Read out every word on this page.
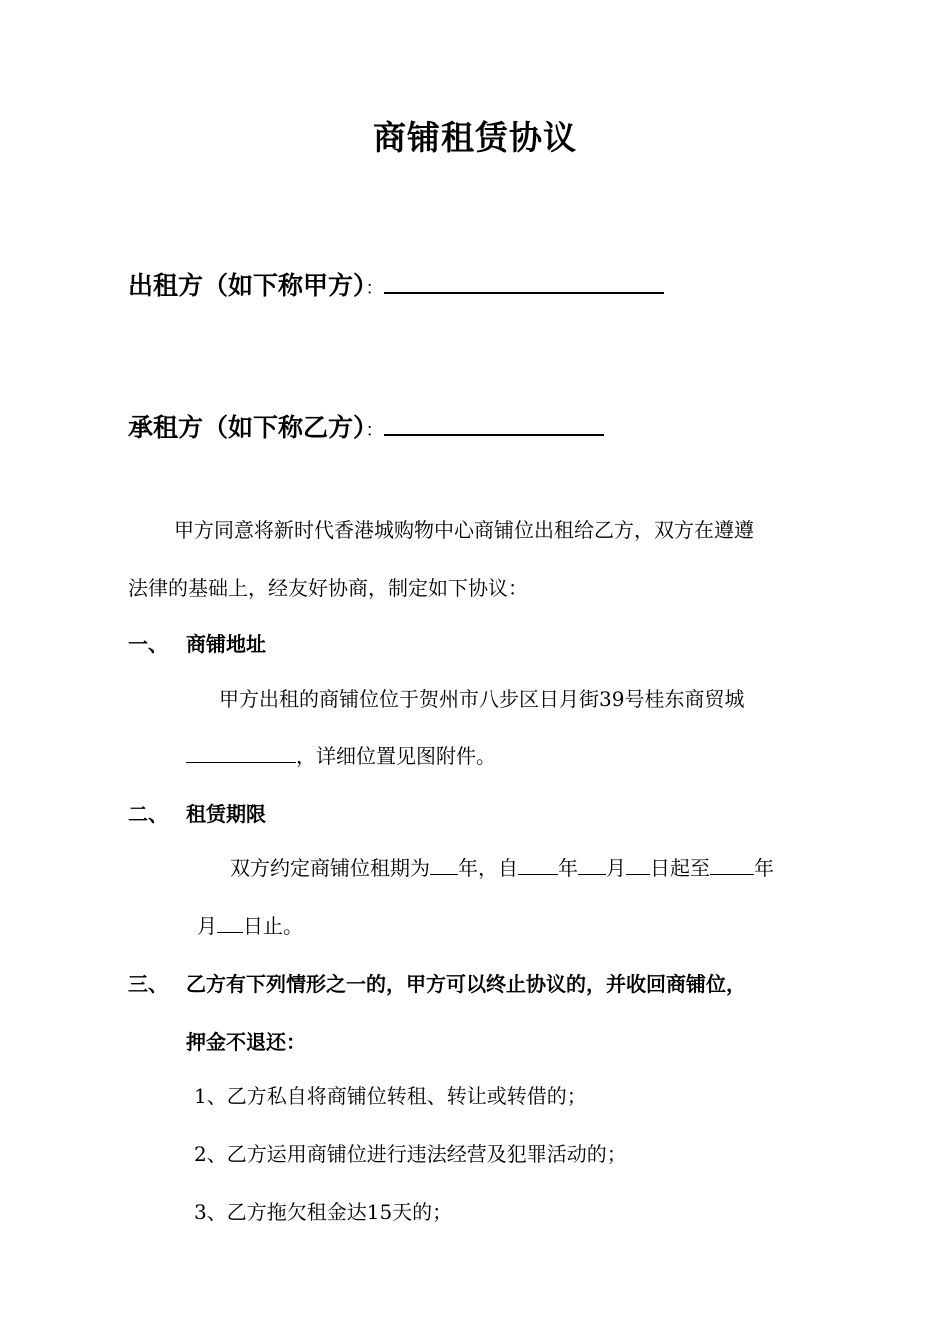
商铺租赁协议
出租方（如下称甲方）：
承租方（如下称乙方）：
甲方同意将新时代香港城购物中心商铺位出租给乙方，双方在遵遵
法律的基础上，经友好协商，制定如下协议：
一、 商铺地址
甲方出租的商铺位位于贺州市八步区日月街39号桂东商贸城
，详细位置见图附件。
二、 租赁期限
双方约定商铺位租期为 年，自 年 月 日起至 年
月 日止。
三、 乙方有下列情形之一的，甲方可以终止协议的，并收回商铺位，
押金不退还：
1、乙方私自将商铺位转租、转让或转借的；
2、乙方运用商铺位进行违法经营及犯罪活动的；
3、乙方拖欠租金达15天的；
